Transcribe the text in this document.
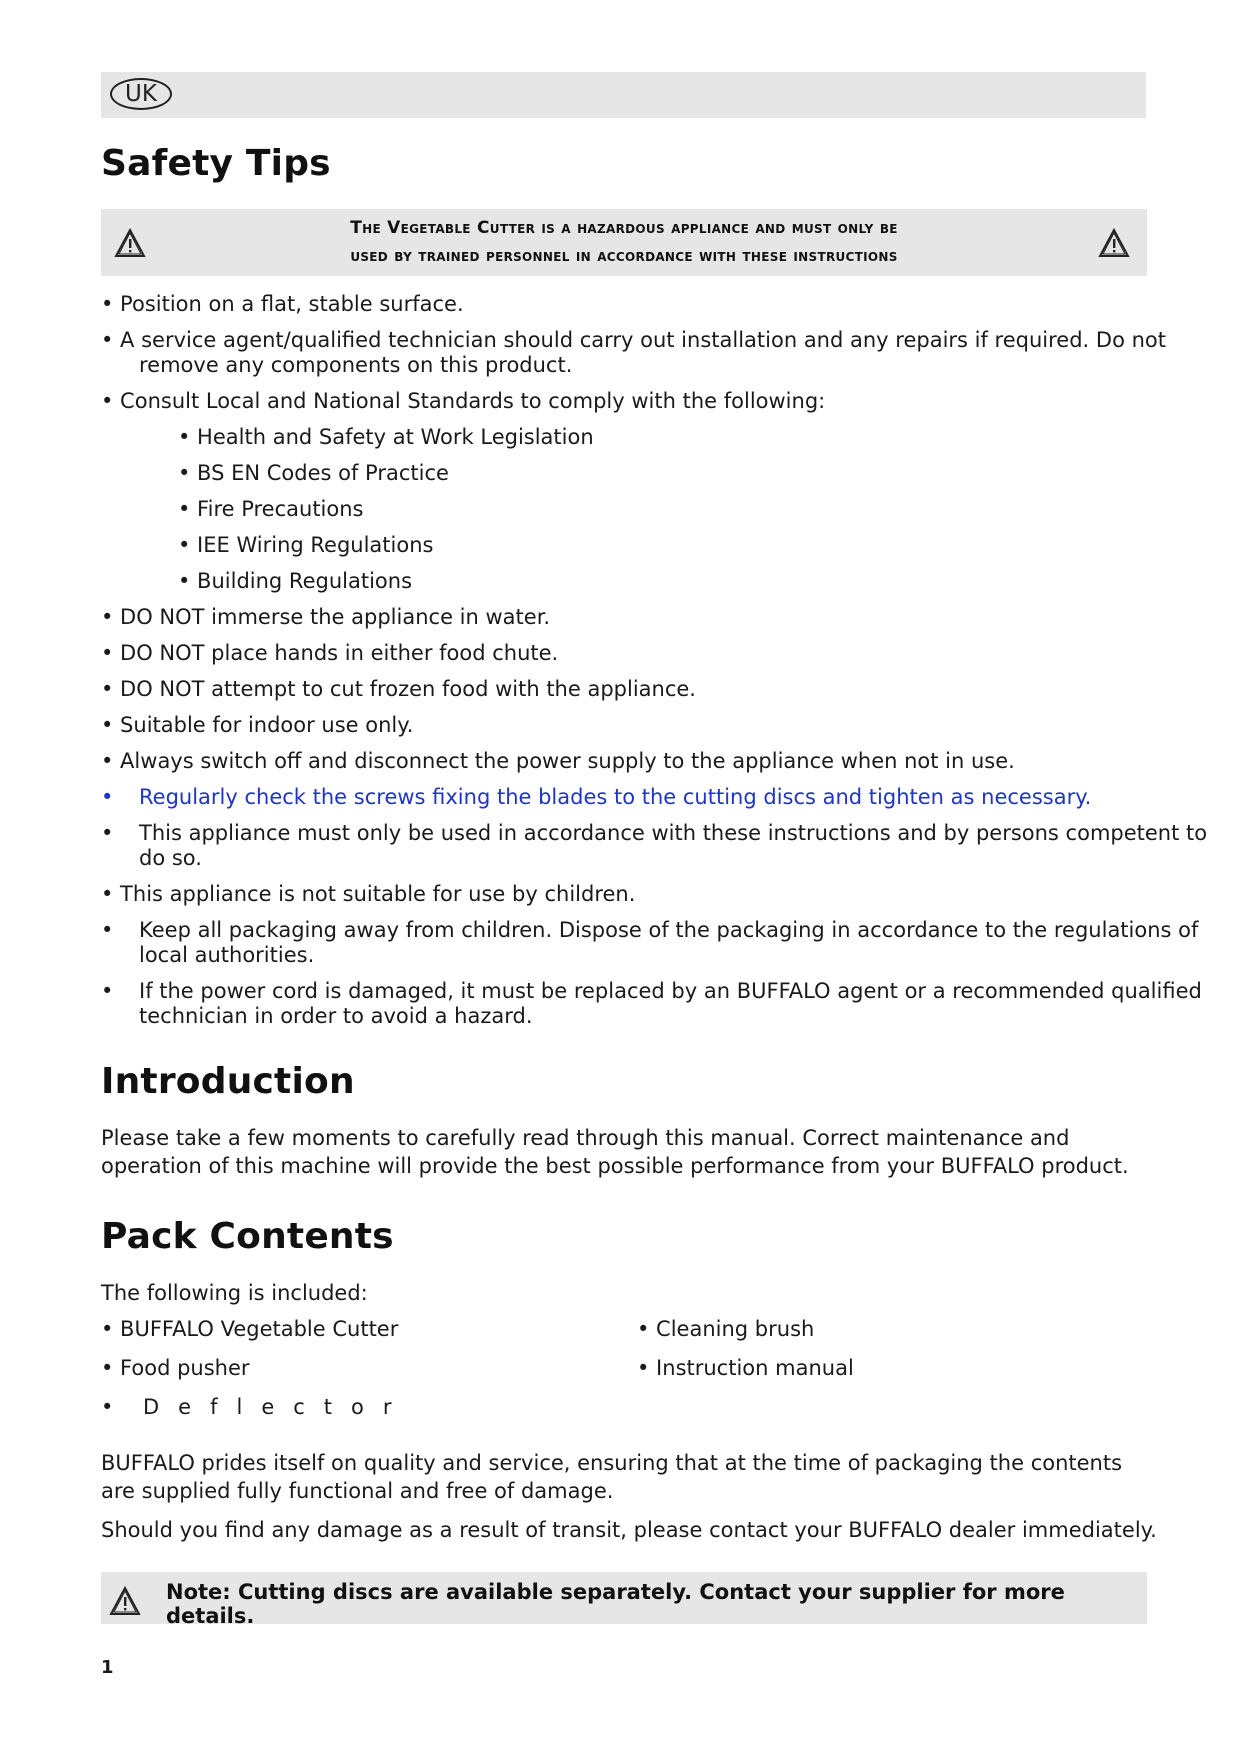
UK
Safety Tips
The Vegetable Cutter is a hazardous appliance and must only be
used by trained personnel in accordance with these instructions
• Position on a flat, stable surface.
• A service agent/qualified technician should carry out installation and any repairs if required. Do not
remove any components on this product.
• Consult Local and National Standards to comply with the following:
• Health and Safety at Work Legislation
• BS EN Codes of Practice
• Fire Precautions
• IEE Wiring Regulations
• Building Regulations
• DO NOT immerse the appliance in water.
• DO NOT place hands in either food chute.
• DO NOT attempt to cut frozen food with the appliance.
• Suitable for indoor use only.
• Always switch off and disconnect the power supply to the appliance when not in use.
• Regularly check the screws fixing the blades to the cutting discs and tighten as necessary.
• This appliance must only be used in accordance with these instructions and by persons competent to
do so.
• This appliance is not suitable for use by children.
• Keep all packaging away from children. Dispose of the packaging in accordance to the regulations of
local authorities.
• If the power cord is damaged, it must be replaced by an BUFFALO agent or a recommended qualified
technician in order to avoid a hazard.
Introduction
Please take a few moments to carefully read through this manual. Correct maintenance and operation of this machine will provide the best possible performance from your BUFFALO product.
Pack Contents
The following is included:
• BUFFALO Vegetable Cutter
• Food pusher
• Cleaning brush
• Instruction manual
• Deflector
BUFFALO prides itself on quality and service, ensuring that at the time of packaging the contents are supplied fully functional and free of damage.
Should you find any damage as a result of transit, please contact your BUFFALO dealer immediately.
Note: Cutting discs are available separately. Contact your supplier for more details.
1
